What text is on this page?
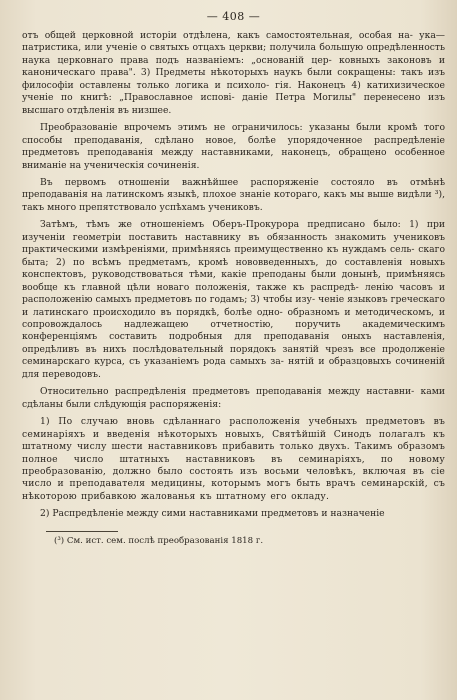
— 408 —

отъ общей церковной исторіи отдѣлена, какъ самостоятельная, особая на- ука—патристика, или ученіе о святыхъ отцахъ церкви; получила большую опредѣленность наука церковнаго права подъ названіемъ: „основаній цер- ковныхъ законовъ и каноническаго права". 3) Предметы нѣкоторыхъ наукъ были сокращены: такъ изъ философіи оставлены только логика и психоло- гія. Наконецъ 4) катихизическое ученіе по книгѣ: „Православное испові- даніе Петра Могилы" перенесено изъ высшаго отдѣленія въ низшее.

Преобразованіе впрочемъ этимъ не ограничилось: указаны были кромѣ того способы преподаванія, сдѣлано новое, болѣе упорядоченное распредѣленіе предметовъ преподаванія между наставниками, наконецъ, обращено особенное вниманіе на ученическія сочиненія.

Въ первомъ отношеніи важнѣйшее распоряженіе состояло въ отмѣнѣ преподаванія на латинскомъ языкѣ, плохое знаніе котораго, какъ мы выше видѣли ³), такъ много препятствовало успѣхамъ учениковъ.

Затѣмъ, тѣмъ же отношеніемъ Оберъ-Прокурора предписано было: 1) при изученіи геометріи поставить наставнику въ обязанность знакомить учениковъ практическими измѣреніями, примѣняясь преимущественно къ нуждамъ сель- скаго быта; 2) по всѣмъ предметамъ, кромѣ нововведенныхъ, до составленія новыхъ конспектовъ, руководствоваться тѣми, какіе преподаны были донынѣ, примѣняясь вообще къ главной цѣли новаго положенія, также къ распредѣ- ленію часовъ и расположенію самыхъ предметовъ по годамъ; 3) чтобы изу- ченіе языковъ греческаго и латинскаго происходило въ порядкѣ, болѣе одно- образномъ и методическомъ, и сопровождалось надлежащею отчетностію, поручить академическимъ конференціямъ составить подробныя для преподаванія оныхъ наставленія, опредѣливъ въ нихъ послѣдовательный порядокъ занятій чрезъ все продолженіе семинарскаго курса, съ указаніемъ рода самыхъ за- нятій и образцовыхъ сочиненій для переводовъ.

Относительно распредѣленія предметовъ преподаванія между наставни- ками сдѣланы были слѣдующія распоряженія:

1) По случаю вновь сдѣланнаго расположенія учебныхъ предметовъ въ семинаріяхъ и введенія нѣкоторыхъ новыхъ, Святѣйшій Синодъ полагалъ къ штатному числу шести наставниковъ прибавить только двухъ. Такимъ образомъ полное число штатныхъ наставниковъ въ семинаріяхъ, по новому преобразованію, должно было состоять изъ восьми человѣкъ, включая въ сіе число и преподавателя медицины, которымъ могъ быть врачъ семинарскій, съ нѣкоторою прибавкою жалованья къ штатному его окладу.

2) Распредѣленіе между сими наставниками предметовъ и назначеніе

(³) См. ист. сем. послѣ преобразованія 1818 г.
